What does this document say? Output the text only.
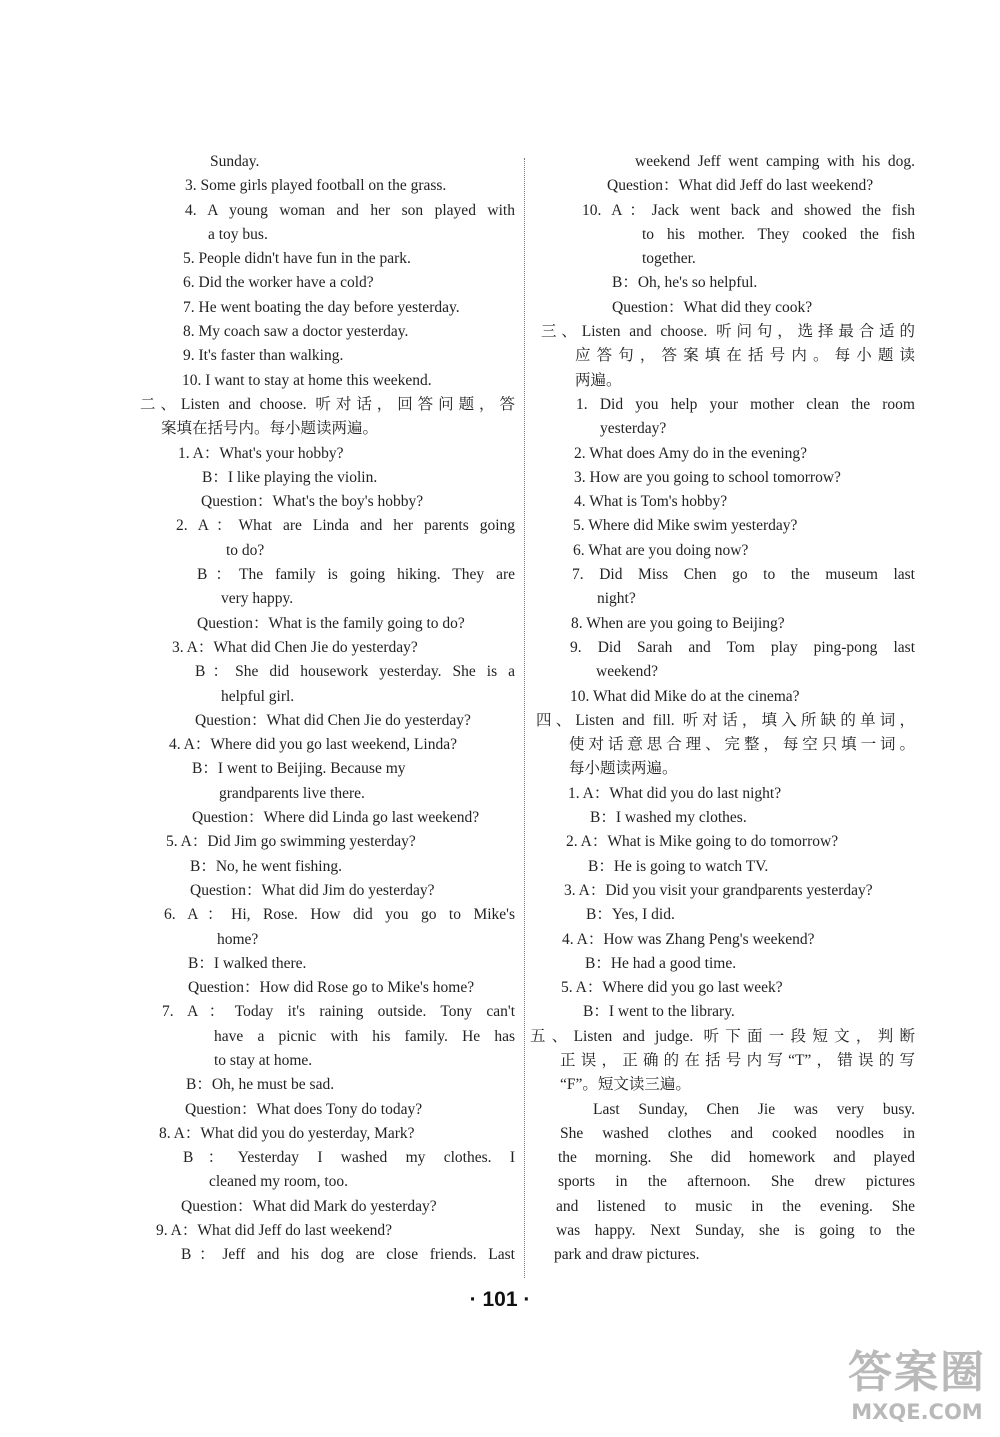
Sunday.
3. Some girls played football on the grass.
4. A young woman and her son played with
a toy bus.
5. People didn't have fun in the park.
6. Did the worker have a cold?
7. He went boating the day before yesterday.
8. My coach saw a doctor yesterday.
9. It's faster than walking.
10. I want to stay at home this weekend.
二、Listen and choose. 听对话，回答问题，答
案填在括号内。每小题读两遍。
1. A：What's your hobby?
B：I like playing the violin.
Question：What's the boy's hobby?
2. A：What are Linda and her parents going
to do?
B：The family is going hiking. They are
very happy.
Question：What is the family going to do?
3. A：What did Chen Jie do yesterday?
B：She did housework yesterday. She is a
helpful girl.
Question：What did Chen Jie do yesterday?
4. A：Where did you go last weekend, Linda?
B：I went to Beijing. Because my
grandparents live there.
Question：Where did Linda go last weekend?
5. A：Did Jim go swimming yesterday?
B：No, he went fishing.
Question：What did Jim do yesterday?
6. A：Hi, Rose. How did you go to Mike's
home?
B：I walked there.
Question：How did Rose go to Mike's home?
7. A：Today it's raining outside. Tony can't
have a picnic with his family. He has
to stay at home.
B：Oh, he must be sad.
Question：What does Tony do today?
8. A：What did you do yesterday, Mark?
B：Yesterday I washed my clothes. I
cleaned my room, too.
Question：What did Mark do yesterday?
9. A：What did Jeff do last weekend?
B：Jeff and his dog are close friends. Last
weekend Jeff went camping with his dog.
Question：What did Jeff do last weekend?
10. A：Jack went back and showed the fish
to his mother. They cooked the fish
together.
B：Oh, he's so helpful.
Question：What did they cook?
三、Listen and choose. 听问句，选择最合适的
应答句，答案填在括号内。每小题读
两遍。
1. Did you help your mother clean the room
yesterday?
2. What does Amy do in the evening?
3. How are you going to school tomorrow?
4. What is Tom's hobby?
5. Where did Mike swim yesterday?
6. What are you doing now?
7. Did Miss Chen go to the museum last
night?
8. When are you going to Beijing?
9. Did Sarah and Tom play ping-pong last
weekend?
10. What did Mike do at the cinema?
四、Listen and fill. 听对话，填入所缺的单词，
使对话意思合理、完整，每空只填一词。
每小题读两遍。
1. A：What did you do last night?
B：I washed my clothes.
2. A：What is Mike going to do tomorrow?
B：He is going to watch TV.
3. A：Did you visit your grandparents yesterday?
B：Yes, I did.
4. A：How was Zhang Peng's weekend?
B：He had a good time.
5. A：Where did you go last week?
B：I went to the library.
五、Listen and judge. 听下面一段短文，判断
正误，正确的在括号内写“T”，错误的写
“F”。短文读三遍。
Last Sunday, Chen Jie was very busy.
She washed clothes and cooked noodles in
the morning. She did homework and played
sports in the afternoon. She drew pictures
and listened to music in the evening. She
was happy. Next Sunday, she is going to the
park and draw pictures.
· 101 ·
答案圈
MXQE.COM
